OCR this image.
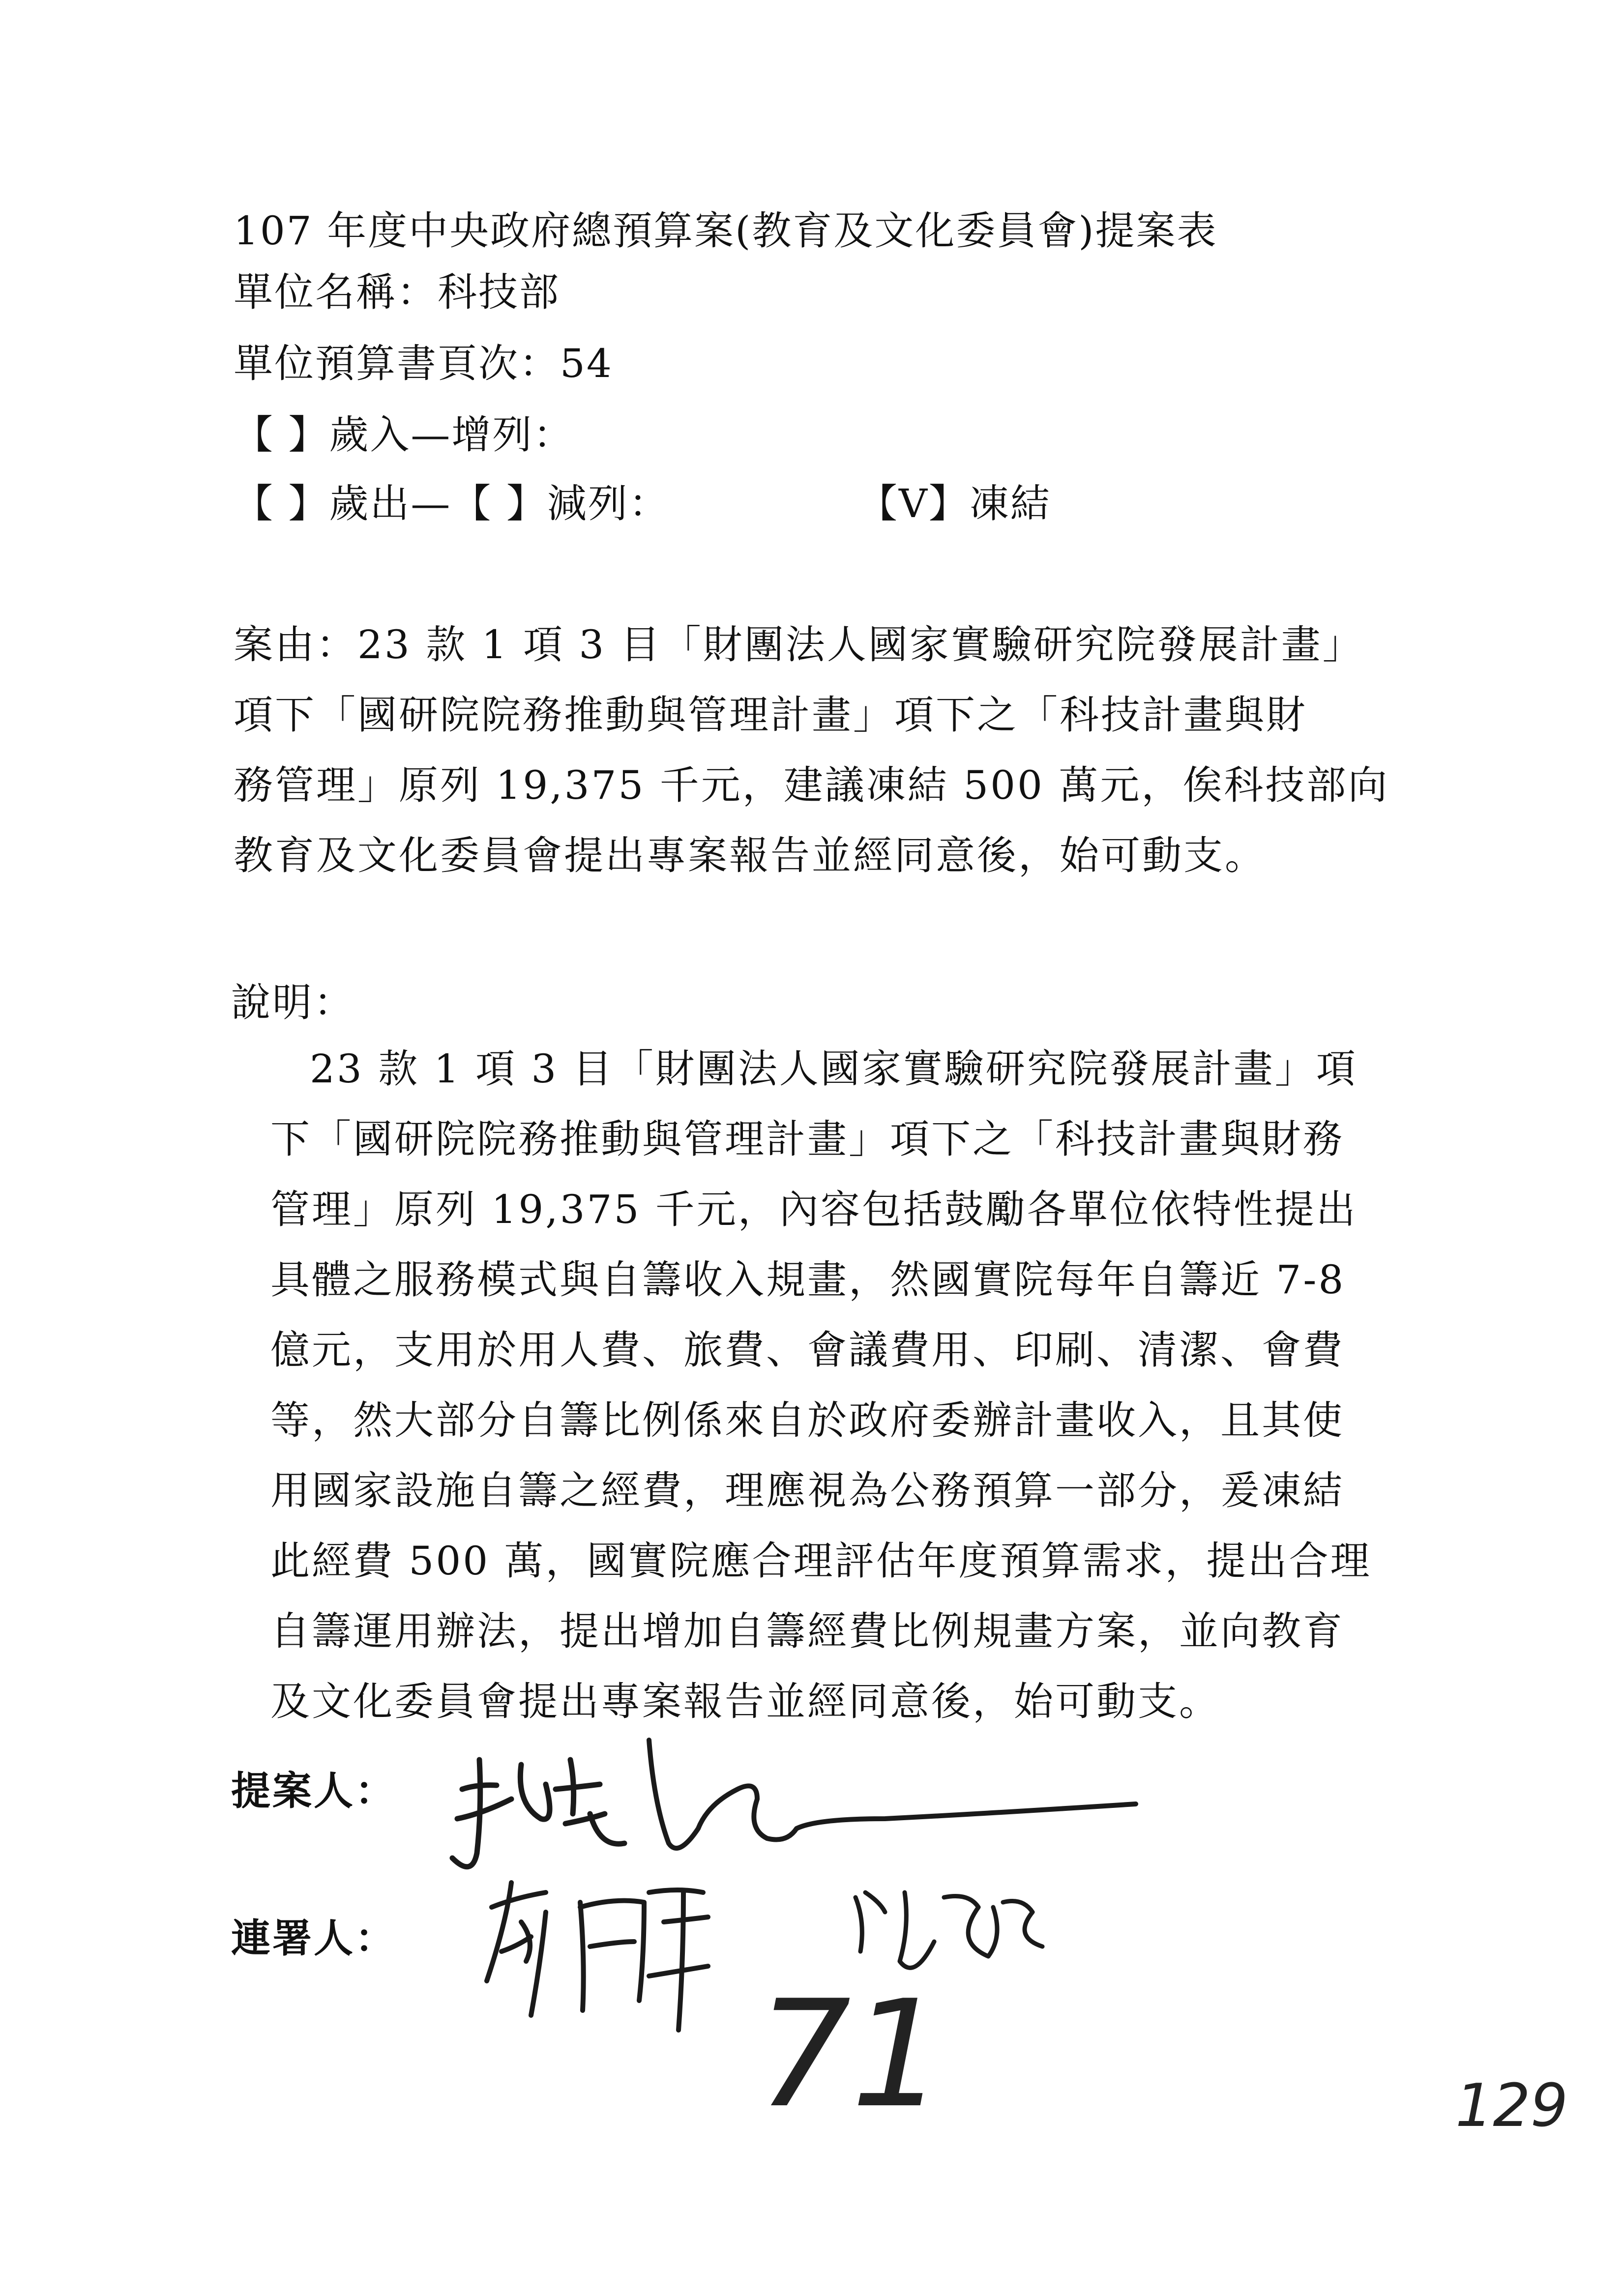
107 年度中央政府總預算案(教育及文化委員會)提案表
單位名稱：科技部
單位預算書頁次：54
【 】歲入—增列：
【 】歲出—【 】減列：	【V】凍結
案由：23 款 1 項 3 目「財團法人國家實驗研究院發展計畫」
項下「國研院院務推動與管理計畫」項下之「科技計畫與財
務管理」原列 19,375 千元，建議凍結 500 萬元，俟科技部向
教育及文化委員會提出專案報告並經同意後，始可動支。
說明：
23 款 1 項 3 目「財團法人國家實驗研究院發展計畫」項
下「國研院院務推動與管理計畫」項下之「科技計畫與財務
管理」原列 19,375 千元，內容包括鼓勵各單位依特性提出
具體之服務模式與自籌收入規畫，然國實院每年自籌近 7-8
億元，支用於用人費、旅費、會議費用、印刷、清潔、會費
等，然大部分自籌比例係來自於政府委辦計畫收入，且其使
用國家設施自籌之經費，理應視為公務預算一部分，爰凍結
此經費 500 萬，國實院應合理評估年度預算需求，提出合理
自籌運用辦法，提出增加自籌經費比例規畫方案，並向教育
及文化委員會提出專案報告並經同意後，始可動支。
提案人：
連署人：
71	129
